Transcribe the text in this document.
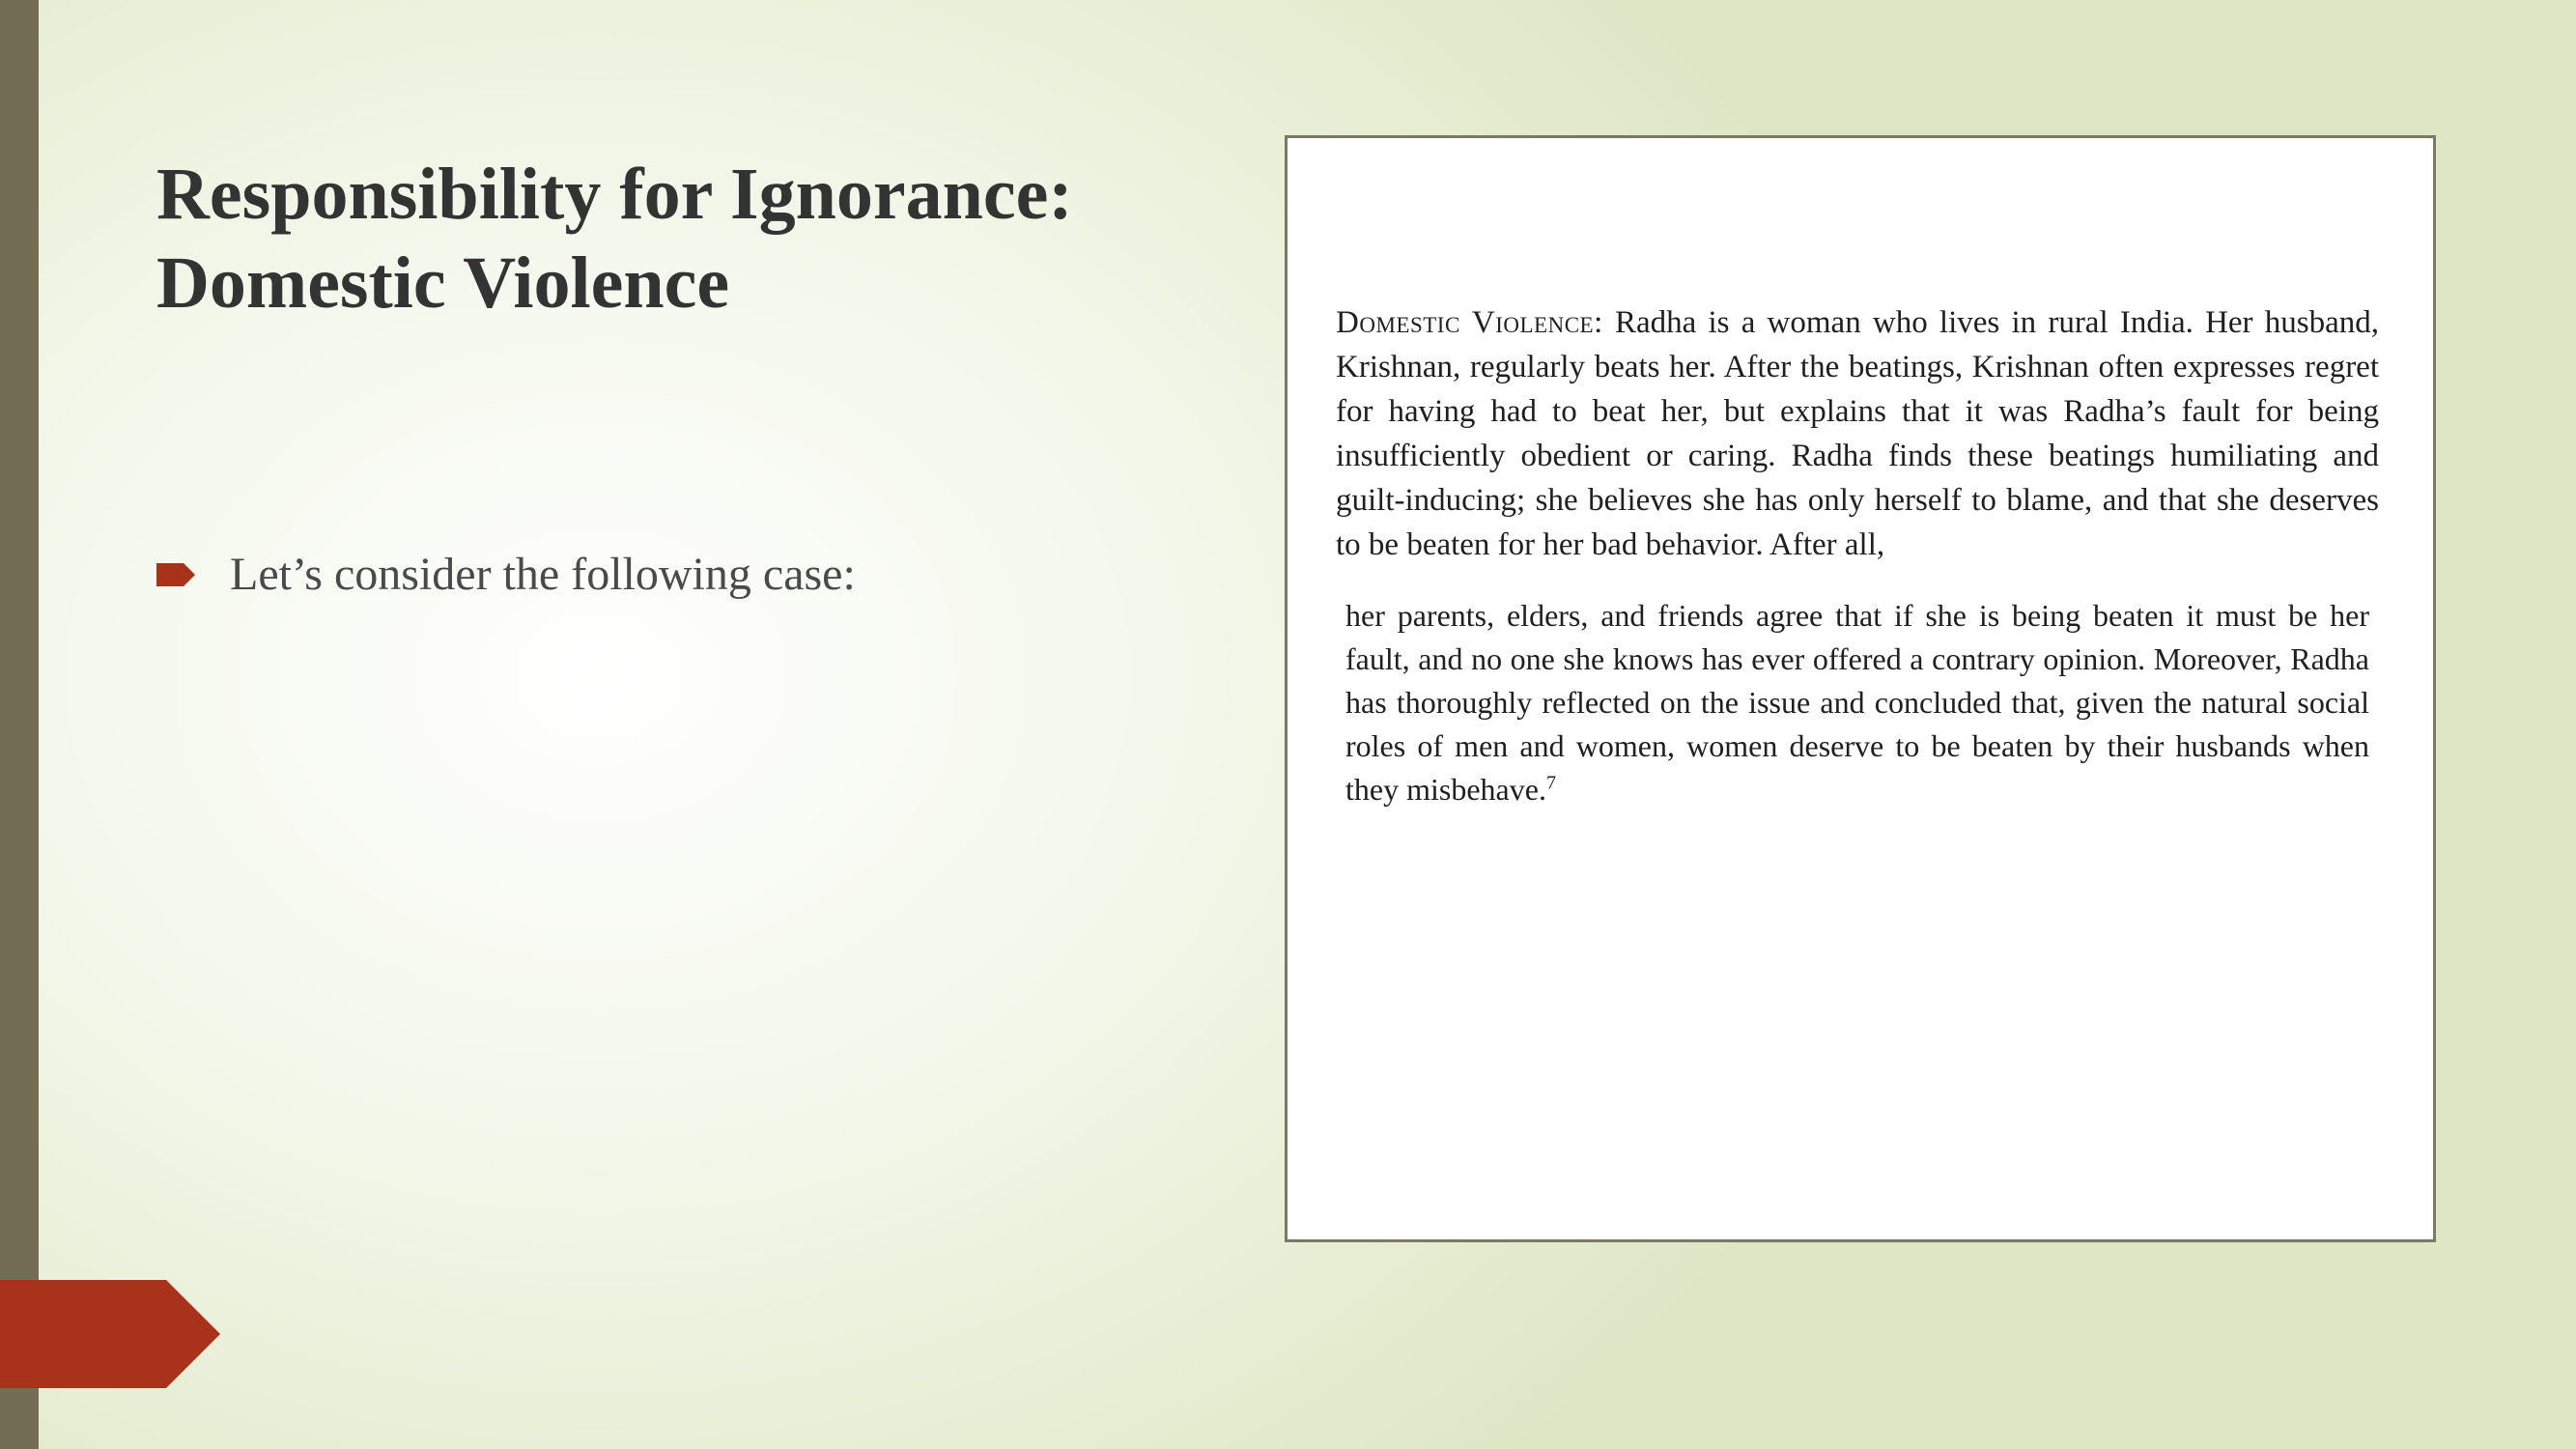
Responsibility for Ignorance:
Domestic Violence
Let’s consider the following case:

Domestic Violence: Radha is a woman who lives in rural India. Her husband, Krishnan, regularly beats her. After the beatings, Krishnan often expresses regret for having had to beat her, but explains that it was Radha’s fault for being insufficiently obedient or caring. Radha finds these beatings humiliating and guilt-inducing; she believes she has only herself to blame, and that she deserves to be beaten for her bad behavior. After all,

her parents, elders, and friends agree that if she is being beaten it must be her fault, and no one she knows has ever offered a contrary opinion. Moreover, Radha has thoroughly reflected on the issue and concluded that, given the natural social roles of men and women, women deserve to be beaten by their husbands when they misbehave.$^7$
